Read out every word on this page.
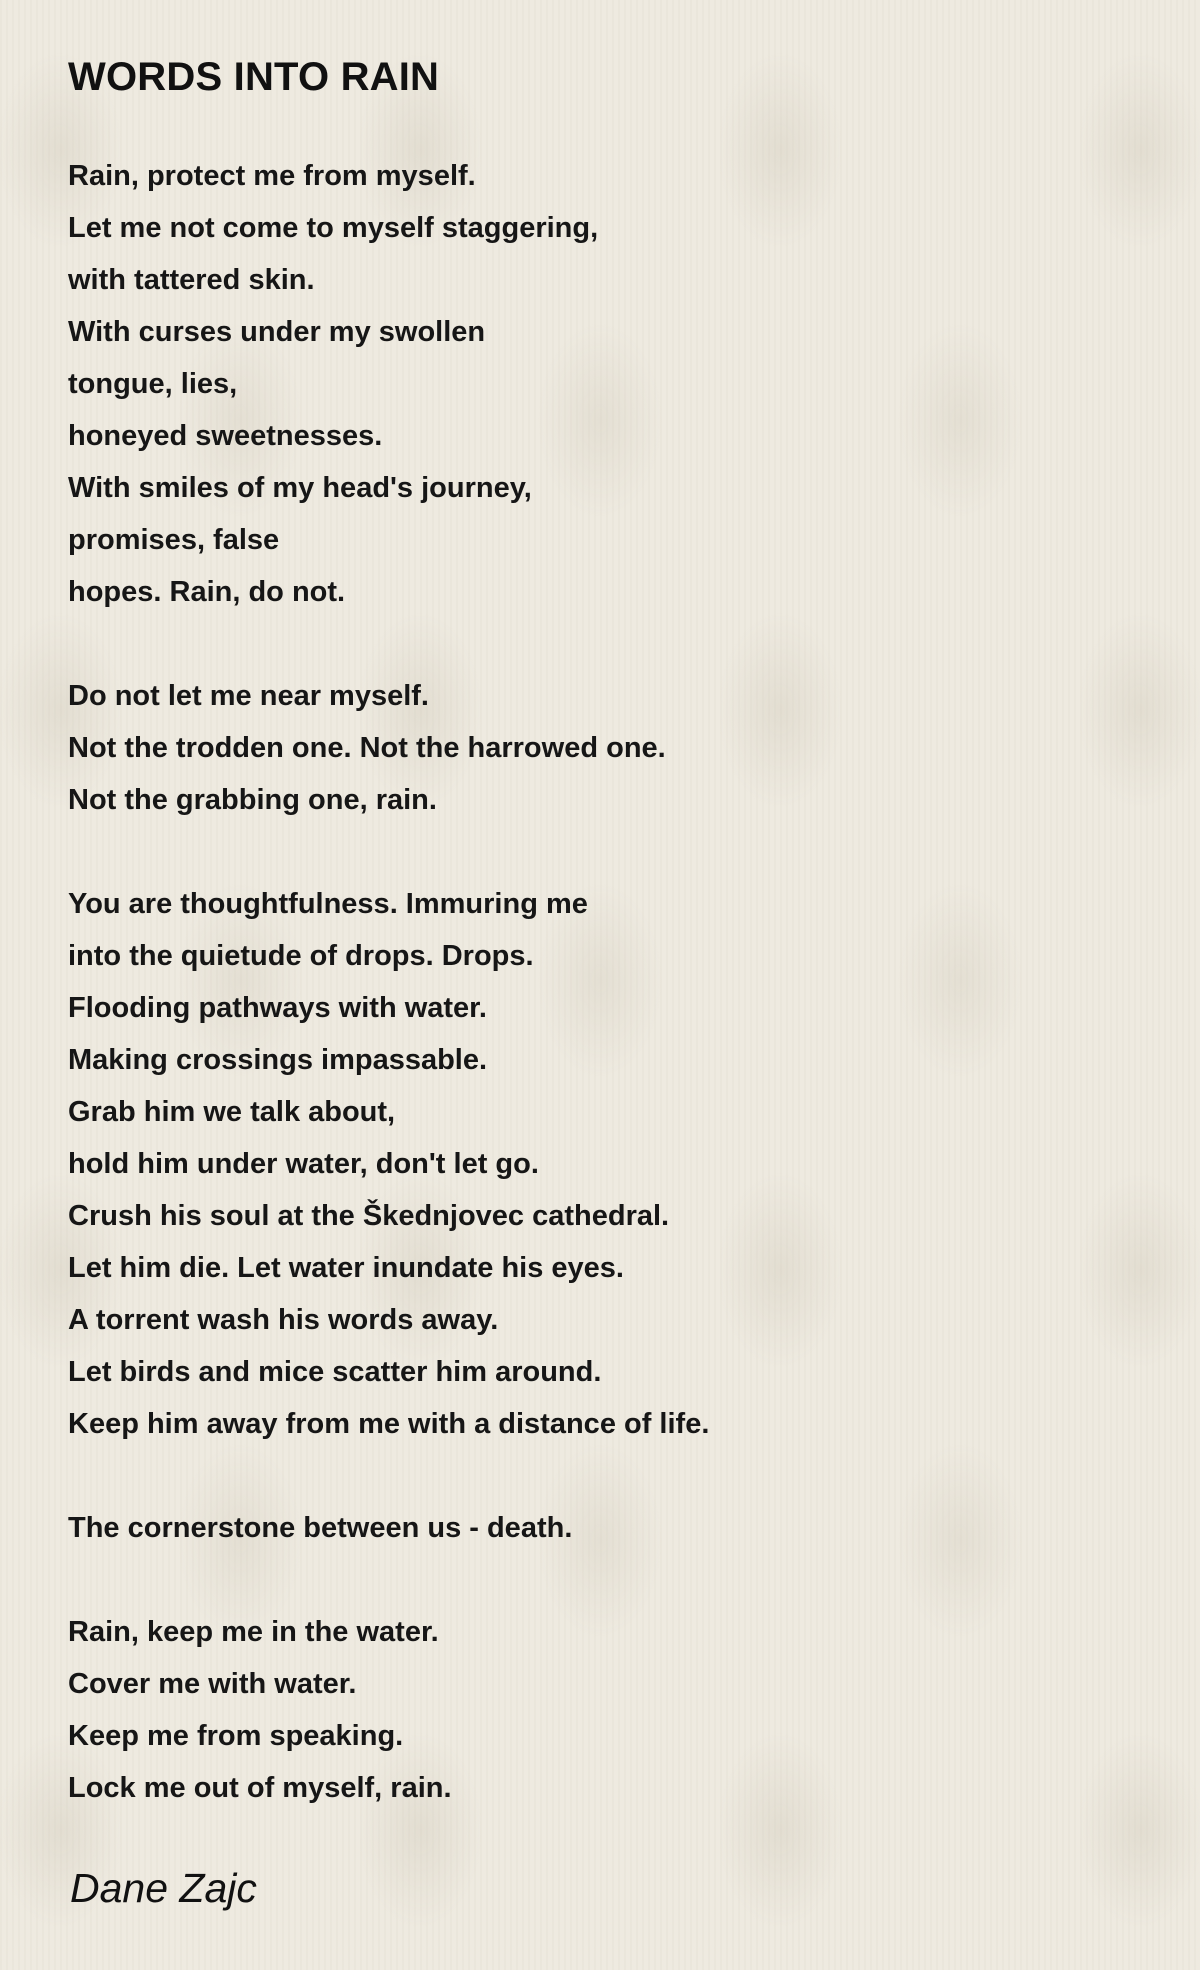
WORDS INTO RAIN
Rain, protect me from myself.
Let me not come to myself staggering,
with tattered skin.
With curses under my swollen
tongue, lies,
honeyed sweetnesses.
With smiles of my head's journey,
promises, false
hopes. Rain, do not.
Do not let me near myself.
Not the trodden one. Not the harrowed one.
Not the grabbing one, rain.
You are thoughtfulness. Immuring me
into the quietude of drops. Drops.
Flooding pathways with water.
Making crossings impassable.
Grab him we talk about,
hold him under water, don't let go.
Crush his soul at the Škednjovec cathedral.
Let him die. Let water inundate his eyes.
A torrent wash his words away.
Let birds and mice scatter him around.
Keep him away from me with a distance of life.
The cornerstone between us - death.
Rain, keep me in the water.
Cover me with water.
Keep me from speaking.
Lock me out of myself, rain.
Dane Zajc
